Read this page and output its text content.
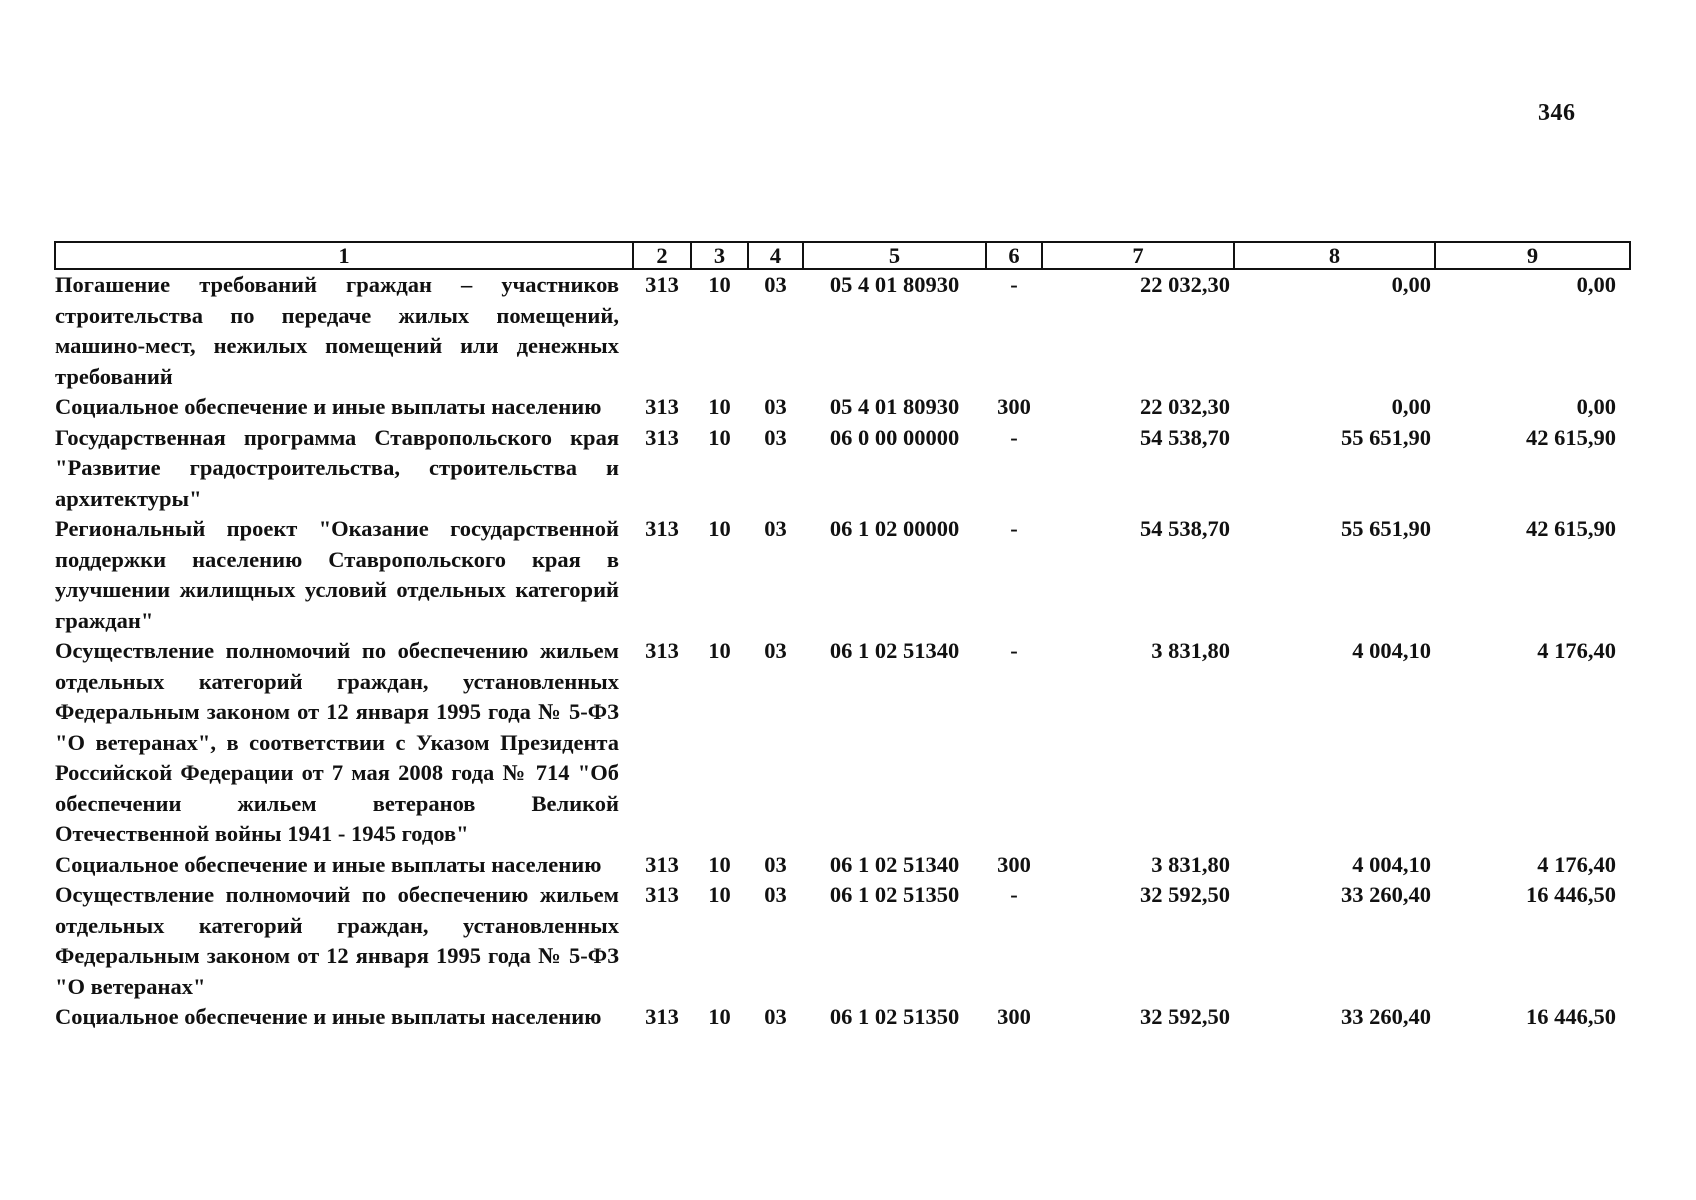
346
1	2	3	4	5	6	7	8	9
Погашение требований граждан – участников строительства по передаче жилых помещений, машино-мест, нежилых помещений или денежных требований	313	10	03	05 4 01 80930	-	22 032,30	0,00	0,00
Социальное обеспечение и иные выплаты населению	313	10	03	05 4 01 80930	300	22 032,30	0,00	0,00
Государственная программа Ставропольского края "Развитие градостроительства, строительства и архитектуры"	313	10	03	06 0 00 00000	-	54 538,70	55 651,90	42 615,90
Региональный проект "Оказание государственной поддержки населению Ставропольского края в улучшении жилищных условий отдельных категорий граждан"	313	10	03	06 1 02 00000	-	54 538,70	55 651,90	42 615,90
Осуществление полномочий по обеспечению жильем отдельных категорий граждан, установленных Федеральным законом от 12 января 1995 года № 5-ФЗ "О ветеранах", в соответствии с Указом Президента Российской Федерации от 7 мая 2008 года № 714 "Об обеспечении жильем ветеранов Великой Отечественной войны 1941 - 1945 годов"	313	10	03	06 1 02 51340	-	3 831,80	4 004,10	4 176,40
Социальное обеспечение и иные выплаты населению	313	10	03	06 1 02 51340	300	3 831,80	4 004,10	4 176,40
Осуществление полномочий по обеспечению жильем отдельных категорий граждан, установленных Федеральным законом от 12 января 1995 года № 5-ФЗ "О ветеранах"	313	10	03	06 1 02 51350	-	32 592,50	33 260,40	16 446,50
Социальное обеспечение и иные выплаты населению	313	10	03	06 1 02 51350	300	32 592,50	33 260,40	16 446,50
